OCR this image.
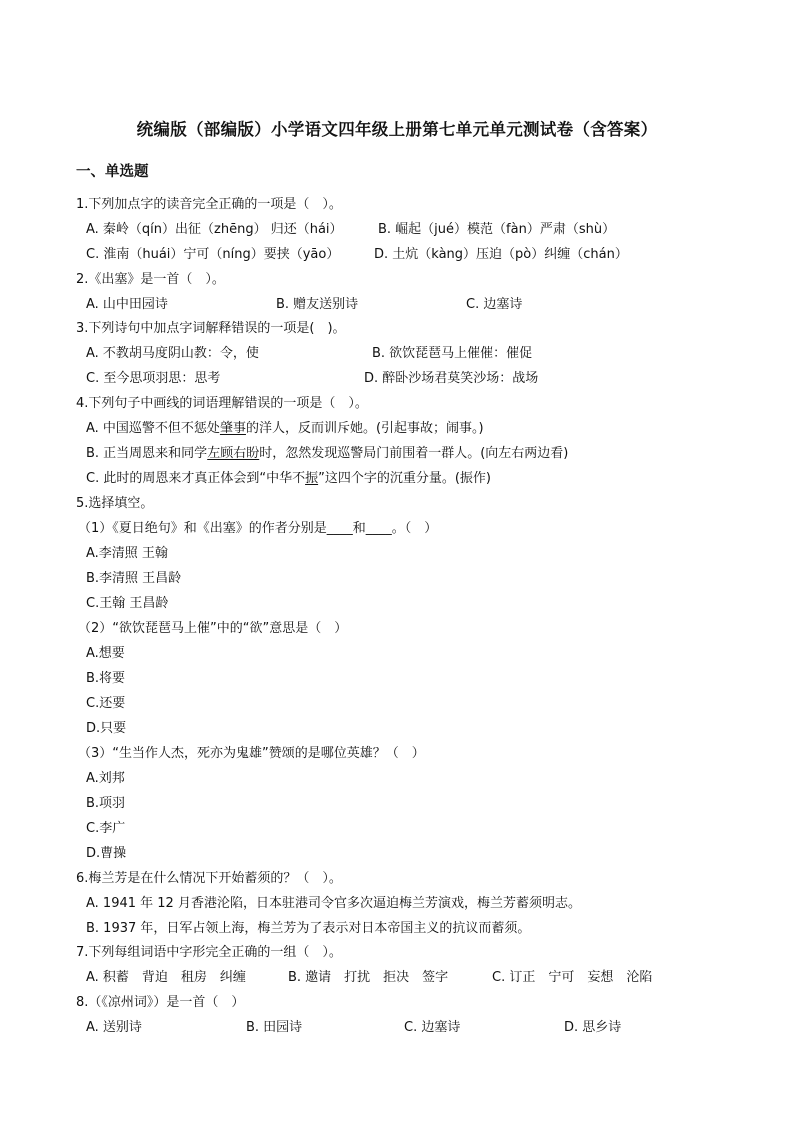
统编版（部编版）小学语文四年级上册第七单元单元测试卷（含答案）
一、单选题
1.下列加点字的读音完全正确的一项是（　）。
A. 秦岭（qín）出征（zhēng） 归还（hái）	B. 崛起（jué）模范（fàn）严肃（shù）
C. 淮南（huái）宁可（níng）要挟（yāo）	D. 土炕（kàng）压迫（pò）纠缠（chán）
2.《出塞》是一首（　）。
A. 山中田园诗	B. 赠友送别诗	C. 边塞诗
3.下列诗句中加点字词解释错误的一项是(　)。
A. 不教胡马度阴山教：令，使	B. 欲饮琵琶马上催催：催促
C. 至今思项羽思：思考	D. 醉卧沙场君莫笑沙场：战场
4.下列句子中画线的词语理解错误的一项是（　）。
A. 中国巡警不但不惩处肇事的洋人，反而训斥她。(引起事故；闹事。)
B. 正当周恩来和同学左顾右盼时，忽然发现巡警局门前围着一群人。(向左右两边看)
C. 此时的周恩来才真正体会到“中华不振”这四个字的沉重分量。(振作)
5.选择填空。
（1）《夏日绝句》和《出塞》的作者分别是____和____。（　）
A.李清照 王翰
B.李清照 王昌龄
C.王翰 王昌龄
（2）“欲饮琵琶马上催”中的“欲”意思是（　）
A.想要
B.将要
C.还要
D.只要
（3）“生当作人杰，死亦为鬼雄”赞颂的是哪位英雄？（　）
A.刘邦
B.项羽
C.李广
D.曹操
6.梅兰芳是在什么情况下开始蓄须的？（　）。
A. 1941 年 12 月香港沦陷，日本驻港司令官多次逼迫梅兰芳演戏，梅兰芳蓄须明志。
B. 1937 年，日军占领上海，梅兰芳为了表示对日本帝国主义的抗议而蓄须。
7.下列每组词语中字形完全正确的一组（　）。
A. 积蓄　背迫　租房　纠缠	B. 邀请　打扰　拒决　签字	C. 订正　宁可　妄想　沦陷
8.（《凉州词》）是一首（　）
A. 送别诗	B. 田园诗	C. 边塞诗	D. 思乡诗
